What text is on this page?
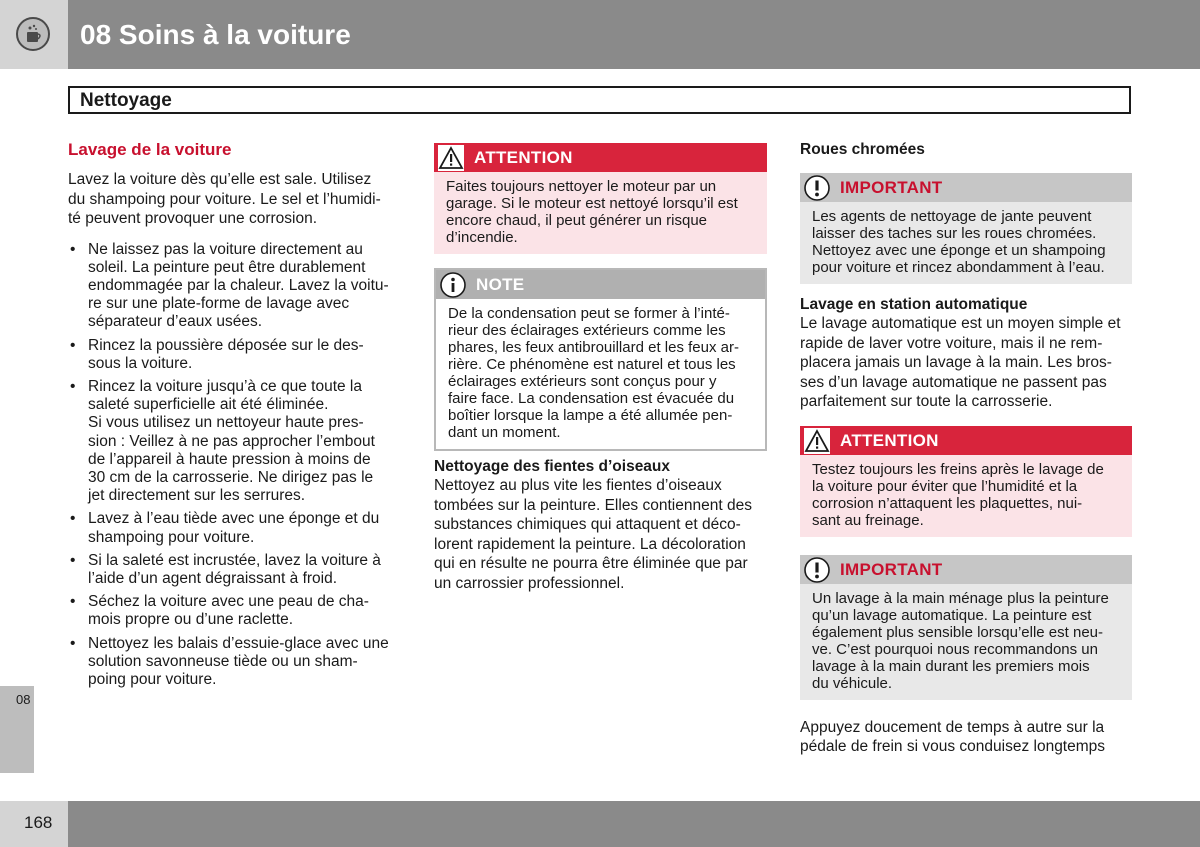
08 Soins à la voiture
Nettoyage
Lavage de la voiture

Lavez la voiture dès qu’elle est sale. Utilisez
du shampoing pour voiture. Le sel et l’humidi-
té peuvent provoquer une corrosion.

• Ne laissez pas la voiture directement au
soleil. La peinture peut être durablement
endommagée par la chaleur. Lavez la voitu-
re sur une plate-forme de lavage avec
séparateur d’eaux usées.
• Rincez la poussière déposée sur le des-
sous la voiture.
• Rincez la voiture jusqu’à ce que toute la
saleté superficielle ait été éliminée.
Si vous utilisez un nettoyeur haute pres-
sion : Veillez à ne pas approcher l’embout
de l’appareil à haute pression à moins de
30 cm de la carrosserie. Ne dirigez pas le
jet directement sur les serrures.
• Lavez à l’eau tiède avec une éponge et du
shampoing pour voiture.
• Si la saleté est incrustée, lavez la voiture à
l’aide d’un agent dégraissant à froid.
• Séchez la voiture avec une peau de cha-
mois propre ou d’une raclette.
• Nettoyez les balais d’essuie-glace avec une
solution savonneuse tiède ou un sham-
poing pour voiture.
ATTENTION
Faites toujours nettoyer le moteur par un
garage. Si le moteur est nettoyé lorsqu’il est
encore chaud, il peut générer un risque
d’incendie.
NOTE
De la condensation peut se former à l’inté-
rieur des éclairages extérieurs comme les
phares, les feux antibrouillard et les feux ar-
rière. Ce phénomène est naturel et tous les
éclairages extérieurs sont conçus pour y
faire face. La condensation est évacuée du
boîtier lorsque la lampe a été allumée pen-
dant un moment.
Nettoyage des fientes d’oiseaux

Nettoyez au plus vite les fientes d’oiseaux
tombées sur la peinture. Elles contiennent des
substances chimiques qui attaquent et déco-
lorent rapidement la peinture. La décoloration
qui en résulte ne pourra être éliminée que par
un carrossier professionnel.

Roues chromées
IMPORTANT
Les agents de nettoyage de jante peuvent
laisser des taches sur les roues chromées.
Nettoyez avec une éponge et un shampoing
pour voiture et rincez abondamment à l’eau.
Lavage en station automatique

Le lavage automatique est un moyen simple et
rapide de laver votre voiture, mais il ne rem-
placera jamais un lavage à la main. Les bros-
ses d’un lavage automatique ne passent pas
parfaitement sur toute la carrosserie.

ATTENTION
Testez toujours les freins après le lavage de
la voiture pour éviter que l’humidité et la
corrosion n’attaquent les plaquettes, nui-
sant au freinage.
IMPORTANT
Un lavage à la main ménage plus la peinture
qu’un lavage automatique. La peinture est
également plus sensible lorsqu’elle est neu-
ve. C’est pourquoi nous recommandons un
lavage à la main durant les premiers mois
du véhicule.

Appuyez doucement de temps à autre sur la
pédale de frein si vous conduisez longtemps

08
168
